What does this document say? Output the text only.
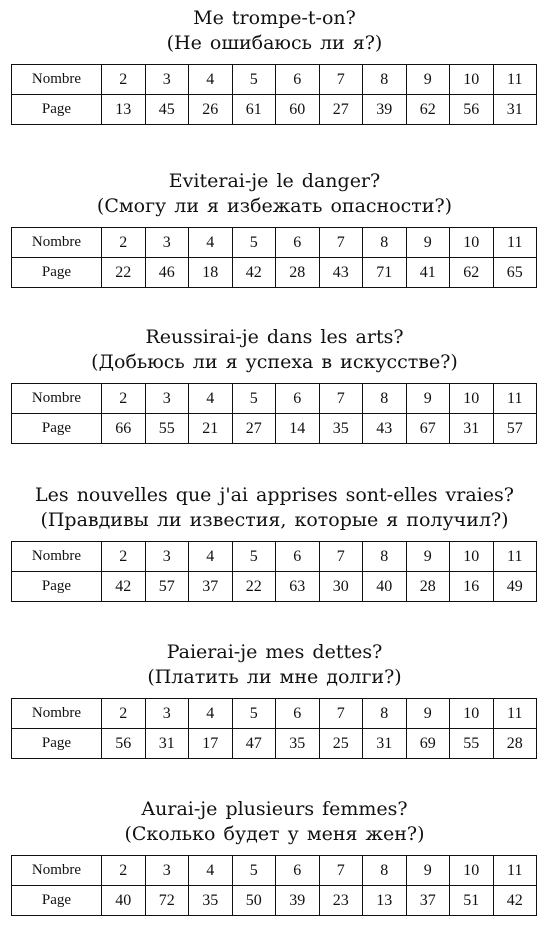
Me trompe-t-on?
(Не ошибаюсь ли я?)
Nombre	2	3	4	5	6	7	8	9	10	11
Page	13	45	26	61	60	27	39	62	56	31
Eviterai-je le danger?
(Смогу ли я избежать опасности?)
Nombre	2	3	4	5	6	7	8	9	10	11
Page	22	46	18	42	28	43	71	41	62	65
Reussirai-je dans les arts?
(Добьюсь ли я успеха в искусстве?)
Nombre	2	3	4	5	6	7	8	9	10	11
Page	66	55	21	27	14	35	43	67	31	57
Les nouvelles que j'ai apprises sont-elles vraies?
(Правдивы ли известия, которые я получил?)
Nombre	2	3	4	5	6	7	8	9	10	11
Page	42	57	37	22	63	30	40	28	16	49
Paierai-je mes dettes?
(Платить ли мне долги?)
Nombre	2	3	4	5	6	7	8	9	10	11
Page	56	31	17	47	35	25	31	69	55	28
Aurai-je plusieurs femmes?
(Сколько будет у меня жен?)
Nombre	2	3	4	5	6	7	8	9	10	11
Page	40	72	35	50	39	23	13	37	51	42
